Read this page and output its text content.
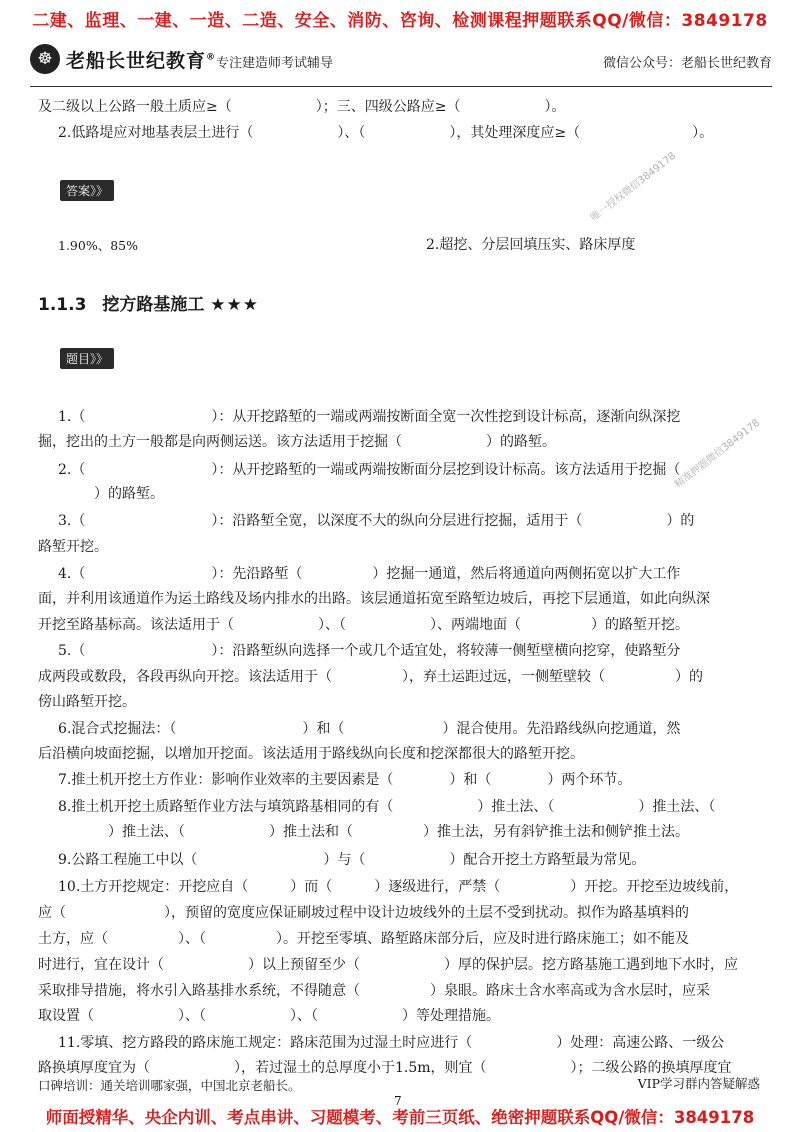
二建、监理、一建、一造、二造、安全、消防、咨询、检测课程押题联系QQ/微信：3849178
☸ 老船长世纪教育® 专注建造师考试辅导	微信公众号：老船长世纪教育
及二级以上公路一般土质应≥（　　　　　　）；三、四级公路应≥（　　　　　　）。
2.低路堤应对地基表层土进行（　　　　　　）、（　　　　　　），其处理深度应≥（　　　　　　　　）。
答案》》
1.90%、85%	2.超挖、分层回填压实、路床厚度
1.1.3 挖方路基施工 ★★★
题目》》
1.（　　　　　　　　　）：从开挖路堑的一端或两端按断面全宽一次性挖到设计标高，逐渐向纵深挖
掘，挖出的土方一般都是向两侧运送。该方法适用于挖掘（　　　　　　）的路堑。
2.（　　　　　　　　　）：从开挖路堑的一端或两端按断面分层挖到设计标高。该方法适用于挖掘（
　　　　）的路堑。
3.（　　　　　　　　　）：沿路堑全宽，以深度不大的纵向分层进行挖掘，适用于（　　　　　　）的
路堑开挖。
4.（　　　　　　　　　）：先沿路堑（　　　　　）挖掘一通道，然后将通道向两侧拓宽以扩大工作
面，并利用该通道作为运土路线及场内排水的出路。该层通道拓宽至路堑边坡后，再挖下层通道，如此向纵深
开挖至路基标高。该法适用于（　　　　　　）、（　　　　　　）、两端地面（　　　　　）的路堑开挖。
5.（　　　　　　　　　）：沿路堑纵向选择一个或几个适宜处，将较薄一侧堑壁横向挖穿，使路堑分
成两段或数段，各段再纵向开挖。该法适用于（　　　　　），弃土运距过远，一侧堑壁较（　　　　　）的
傍山路堑开挖。
6.混合式挖掘法：（　　　　　　　　　）和（　　　　　　　）混合使用。先沿路线纵向挖通道，然
后沿横向坡面挖掘，以增加开挖面。该法适用于路线纵向长度和挖深都很大的路堑开挖。
7.推土机开挖土方作业：影响作业效率的主要因素是（　　　　）和（　　　　）两个环节。
8.推土机开挖土质路堑作业方法与填筑路基相同的有（　　　　　　）推土法、（　　　　　　）推土法、（
　　　　　）推土法、（　　　　　　）推土法和（　　　　　）推土法，另有斜铲推土法和侧铲推土法。
9.公路工程施工中以（　　　　　　　　　）与（　　　　　　）配合开挖土方路堑最为常见。
10.土方开挖规定：开挖应自（　　　）而（　　　）逐级进行，严禁（　　　　　）开挖。开挖至边坡线前，
应（　　　　　　　），预留的宽度应保证刷坡过程中设计边坡线外的土层不受到扰动。拟作为路基填料的
土方，应（　　　　　）、（　　　　　）。开挖至零填、路堑路床部分后，应及时进行路床施工；如不能及
时进行，宜在设计（　　　　　　）以上预留至少（　　　　　　）厚的保护层。挖方路基施工遇到地下水时，应
采取排导措施，将水引入路基排水系统，不得随意（　　　　　）泉眼。路床土含水率高或为含水层时，应采
取设置（　　　　　　）、（　　　　　　）、（　　　　　　）等处理措施。
11.零填、挖方路段的路床施工规定：路床范围为过湿土时应进行（　　　　　　）处理：高速公路、一级公
路换填厚度宜为（　　　　　　），若过湿土的总厚度小于1.5m，则宜（　　　　　　）；二级公路的换填厚度宜
口碑培训：通关培训哪家强，中国北京老船长。	VIP学习群内答疑解惑
7
师面授精华、央企内训、考点串讲、习题模考、考前三页纸、绝密押题联系QQ/微信：3849178
唯一授权微信3849178
精准押题微信3849178
